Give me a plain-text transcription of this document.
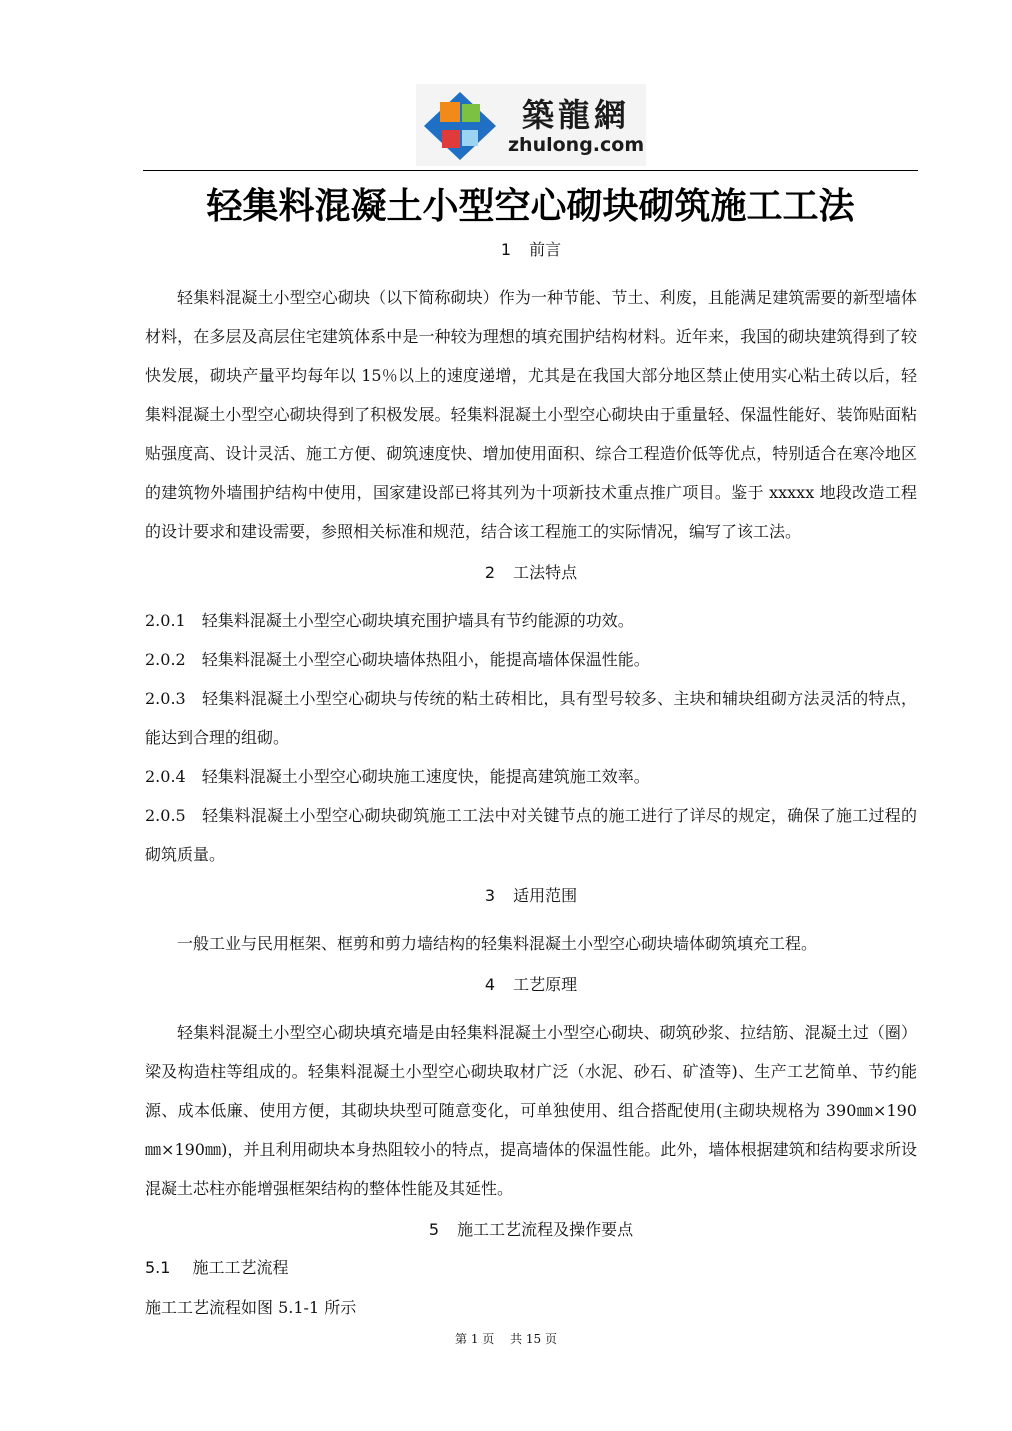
築龍網
zhulong.com
轻集料混凝土小型空心砌块砌筑施工工法
1 前言

轻集料混凝土小型空心砌块（以下简称砌块）作为一种节能、节土、利废，且能满足建筑需要的新型墙体材料，在多层及高层住宅建筑体系中是一种较为理想的填充围护结构材料。近年来，我国的砌块建筑得到了较快发展，砌块产量平均每年以 15％以上的速度递增，尤其是在我国大部分地区禁止使用实心粘土砖以后，轻集料混凝土小型空心砌块得到了积极发展。轻集料混凝土小型空心砌块由于重量轻、保温性能好、装饰贴面粘贴强度高、设计灵活、施工方便、砌筑速度快、增加使用面积、综合工程造价低等优点，特别适合在寒冷地区的建筑物外墙围护结构中使用，国家建设部已将其列为十项新技术重点推广项目。鉴于 xxxxx 地段改造工程的设计要求和建设需要，参照相关标准和规范，结合该工程施工的实际情况，编写了该工法。

2 工法特点

2.0.1 轻集料混凝土小型空心砌块填充围护墙具有节约能源的功效。

2.0.2 轻集料混凝土小型空心砌块墙体热阻小，能提高墙体保温性能。

2.0.3 轻集料混凝土小型空心砌块与传统的粘土砖相比，具有型号较多、主块和辅块组砌方法灵活的特点，能达到合理的组砌。

2.0.4 轻集料混凝土小型空心砌块施工速度快，能提高建筑施工效率。

2.0.5 轻集料混凝土小型空心砌块砌筑施工工法中对关键节点的施工进行了详尽的规定，确保了施工过程的砌筑质量。

3 适用范围

一般工业与民用框架、框剪和剪力墙结构的轻集料混凝土小型空心砌块墙体砌筑填充工程。

4 工艺原理

轻集料混凝土小型空心砌块填充墙是由轻集料混凝土小型空心砌块、砌筑砂浆、拉结筋、混凝土过（圈）梁及构造柱等组成的。轻集料混凝土小型空心砌块取材广泛（水泥、砂石、矿渣等)、生产工艺简单、节约能源、成本低廉、使用方便，其砌块块型可随意变化，可单独使用、组合搭配使用(主砌块规格为 390㎜×190㎜×190㎜)，并且利用砌块本身热阻较小的特点，提高墙体的保温性能。此外，墙体根据建筑和结构要求所设混凝土芯柱亦能增强框架结构的整体性能及其延性。

5 施工工艺流程及操作要点
5.1 施工工艺流程

施工工艺流程如图 5.1-1 所示

第 1 页 共 15 页
